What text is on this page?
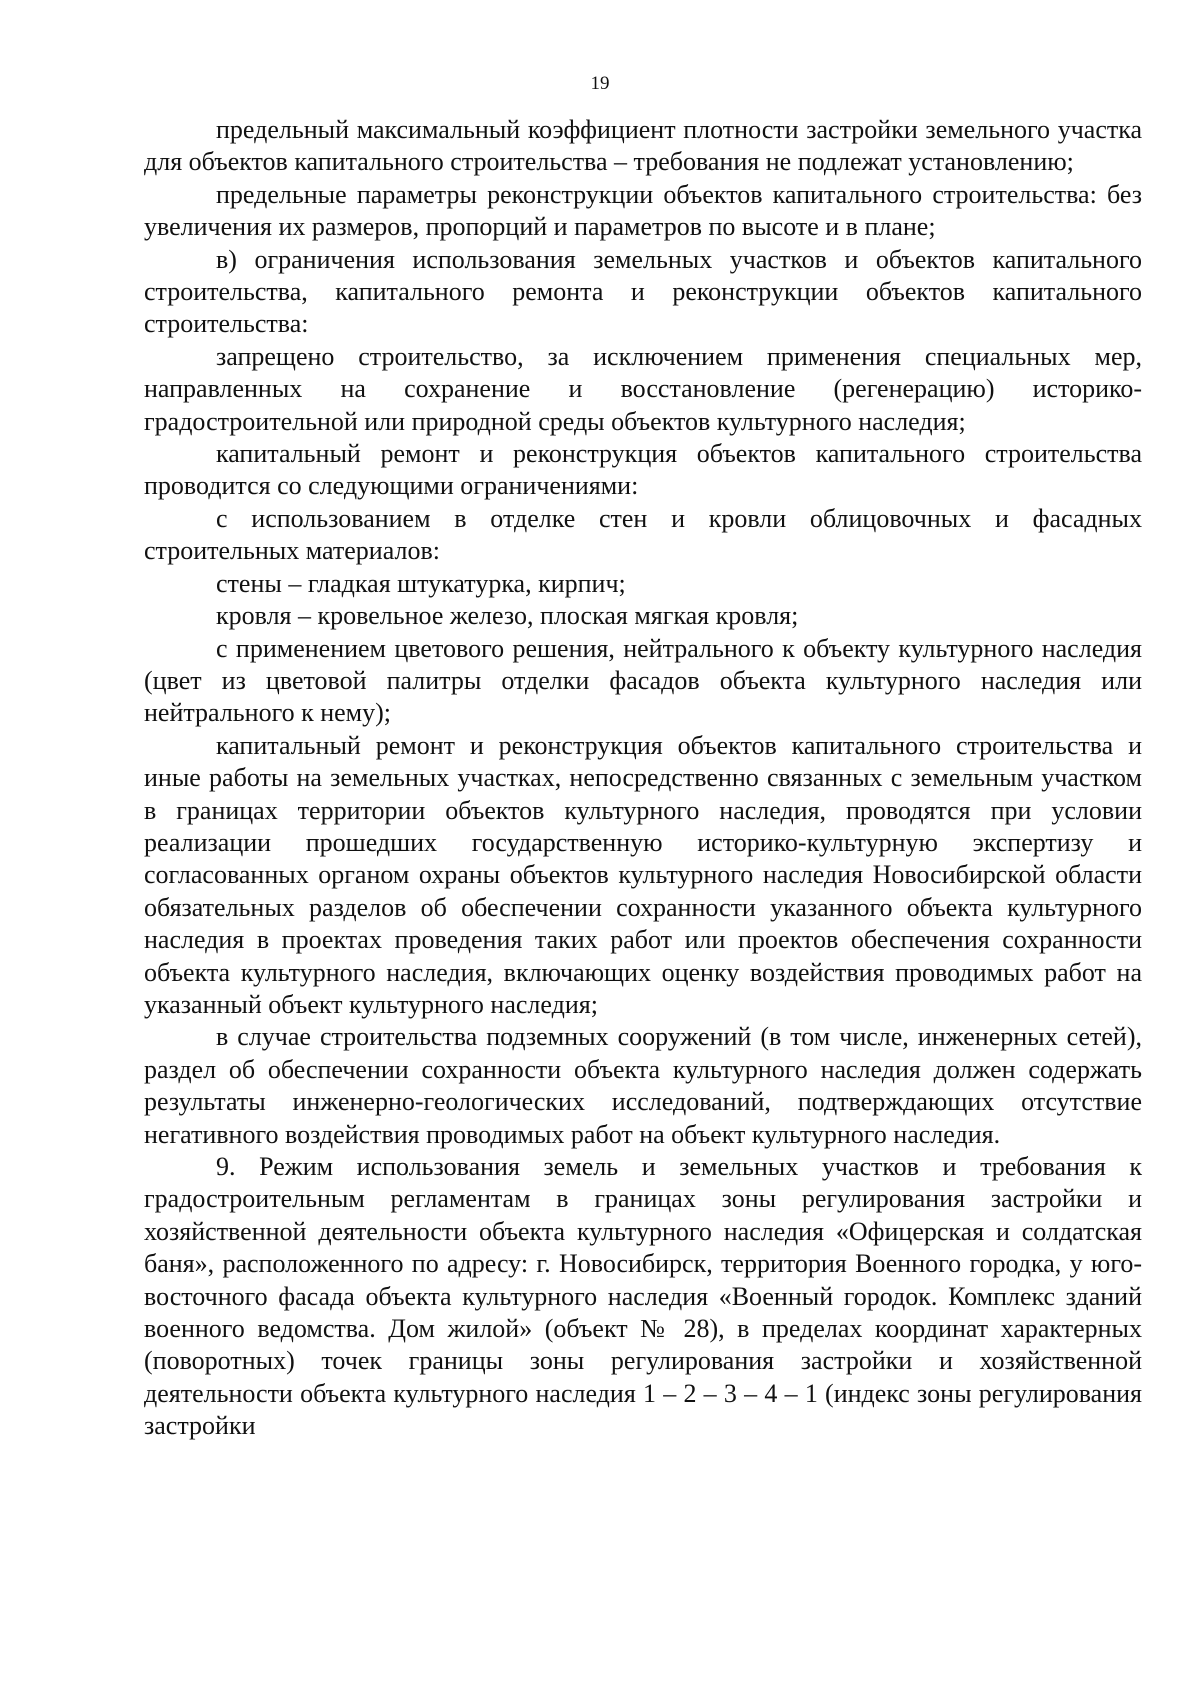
19

предельный максимальный коэффициент плотности застройки земельного участка для объектов капитального строительства – требования не подлежат установлению;

предельные параметры реконструкции объектов капитального строительства: без увеличения их размеров, пропорций и параметров по высоте и в плане;

в) ограничения использования земельных участков и объектов капитального строительства, капитального ремонта и реконструкции объектов капитального строительства:

запрещено строительство, за исключением применения специальных мер, направленных на сохранение и восстановление (регенерацию) историко-градостроительной или природной среды объектов культурного наследия;

капитальный ремонт и реконструкция объектов капитального строительства проводится со следующими ограничениями:

с использованием в отделке стен и кровли облицовочных и фасадных строительных материалов:

стены – гладкая штукатурка, кирпич;

кровля – кровельное железо, плоская мягкая кровля;

с применением цветового решения, нейтрального к объекту культурного наследия (цвет из цветовой палитры отделки фасадов объекта культурного наследия или нейтрального к нему);

капитальный ремонт и реконструкция объектов капитального строительства и иные работы на земельных участках, непосредственно связанных с земельным участком в границах территории объектов культурного наследия, проводятся при условии реализации прошедших государственную историко-культурную экспертизу и согласованных органом охраны объектов культурного наследия Новосибирской области обязательных разделов об обеспечении сохранности указанного объекта культурного наследия в проектах проведения таких работ или проектов обеспечения сохранности объекта культурного наследия, включающих оценку воздействия проводимых работ на указанный объект культурного наследия;

в случае строительства подземных сооружений (в том числе, инженерных сетей), раздел об обеспечении сохранности объекта культурного наследия должен содержать результаты инженерно-геологических исследований, подтверждающих отсутствие негативного воздействия проводимых работ на объект культурного наследия.

9. Режим использования земель и земельных участков и требования к градостроительным регламентам в границах зоны регулирования застройки и хозяйственной деятельности объекта культурного наследия «Офицерская и солдатская баня», расположенного по адресу: г. Новосибирск, территория Военного городка, у юго-восточного фасада объекта культурного наследия «Военный городок. Комплекс зданий военного ведомства. Дом жилой» (объект № 28), в пределах координат характерных (поворотных) точек границы зоны регулирования застройки и хозяйственной деятельности объекта культурного наследия 1 – 2 – 3 – 4 – 1 (индекс зоны регулирования застройки
